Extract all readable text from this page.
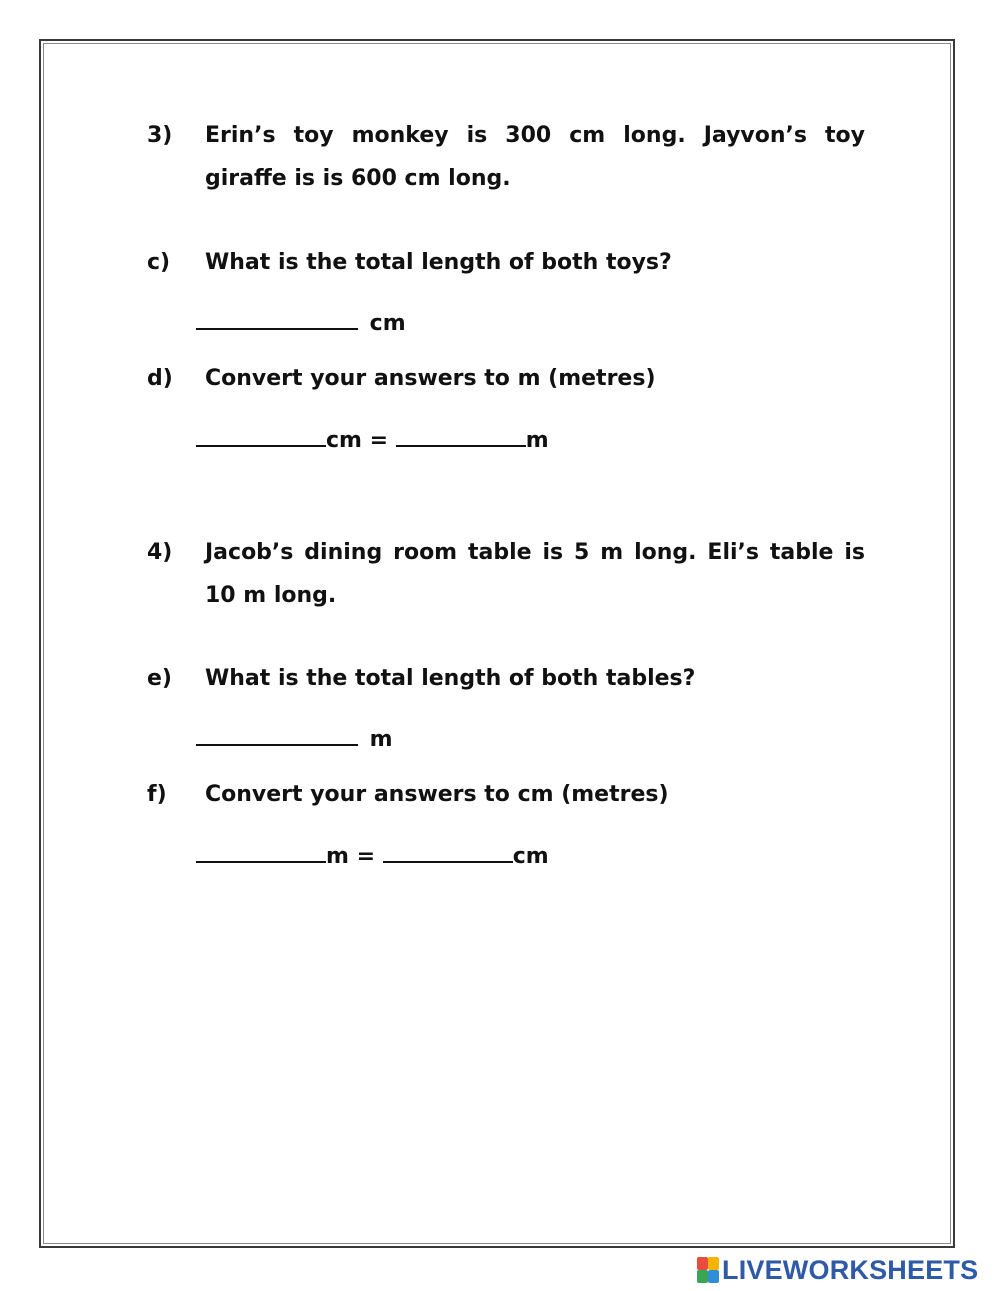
3)	Erin’s toy monkey is 300 cm long. Jayvon’s toy giraffe is is 600 cm long.
c)	What is the total length of both toys?
cm
d)	Convert your answers to m (metres)
cm =	m
4)	Jacob’s dining room table is 5 m long. Eli’s table is 10 m long.
e)	What is the total length of both tables?
m
f)	Convert your answers to cm (metres)
m =	cm
LIVEWORKSHEETS
